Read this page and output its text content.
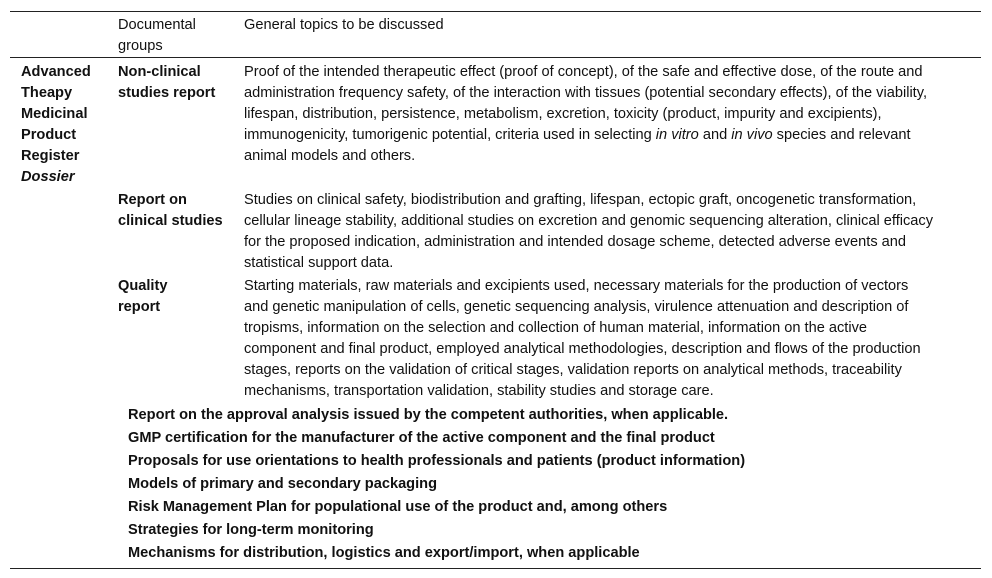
Documental groups
General topics to be discussed
Advanced Theapy Medicinal Product Register
Dossier
Non-clinical studies report
Proof of the intended therapeutic effect (proof of concept), of the safe and effective dose, of the route and administration frequency safety, of the interaction with tissues (potential secondary effects), of the viability, lifespan, distribution, persistence, metabolism, excretion, toxicity (product, impurity and excipients), immunogenicity, tumorigenic potential, criteria used in selecting in vitro and in vivo species and relevant animal models and others.
Report on clinical studies
Studies on clinical safety, biodistribution and grafting, lifespan, ectopic graft, oncogenetic transformation, cellular lineage stability, additional studies on excretion and genomic sequencing alteration, clinical efficacy for the proposed indication, administration and intended dosage scheme, detected adverse events and statistical support data.
Quality report
Starting materials, raw materials and excipients used, necessary materials for the production of vectors and genetic manipulation of cells, genetic sequencing analysis, virulence attenuation and description of tropisms, information on the selection and collection of human material, information on the active component and final product, employed analytical methodologies, description and flows of the production stages, reports on the validation of critical stages, validation reports on analytical methods, traceability mechanisms, transportation validation, stability studies and storage care.
Report on the approval analysis issued by the competent authorities, when applicable.
GMP certification for the manufacturer of the active component and the final product
Proposals for use orientations to health professionals and patients (product information)
Models of primary and secondary packaging
Risk Management Plan for populational use of the product and, among others
Strategies for long-term monitoring
Mechanisms for distribution, logistics and export/import, when applicable
